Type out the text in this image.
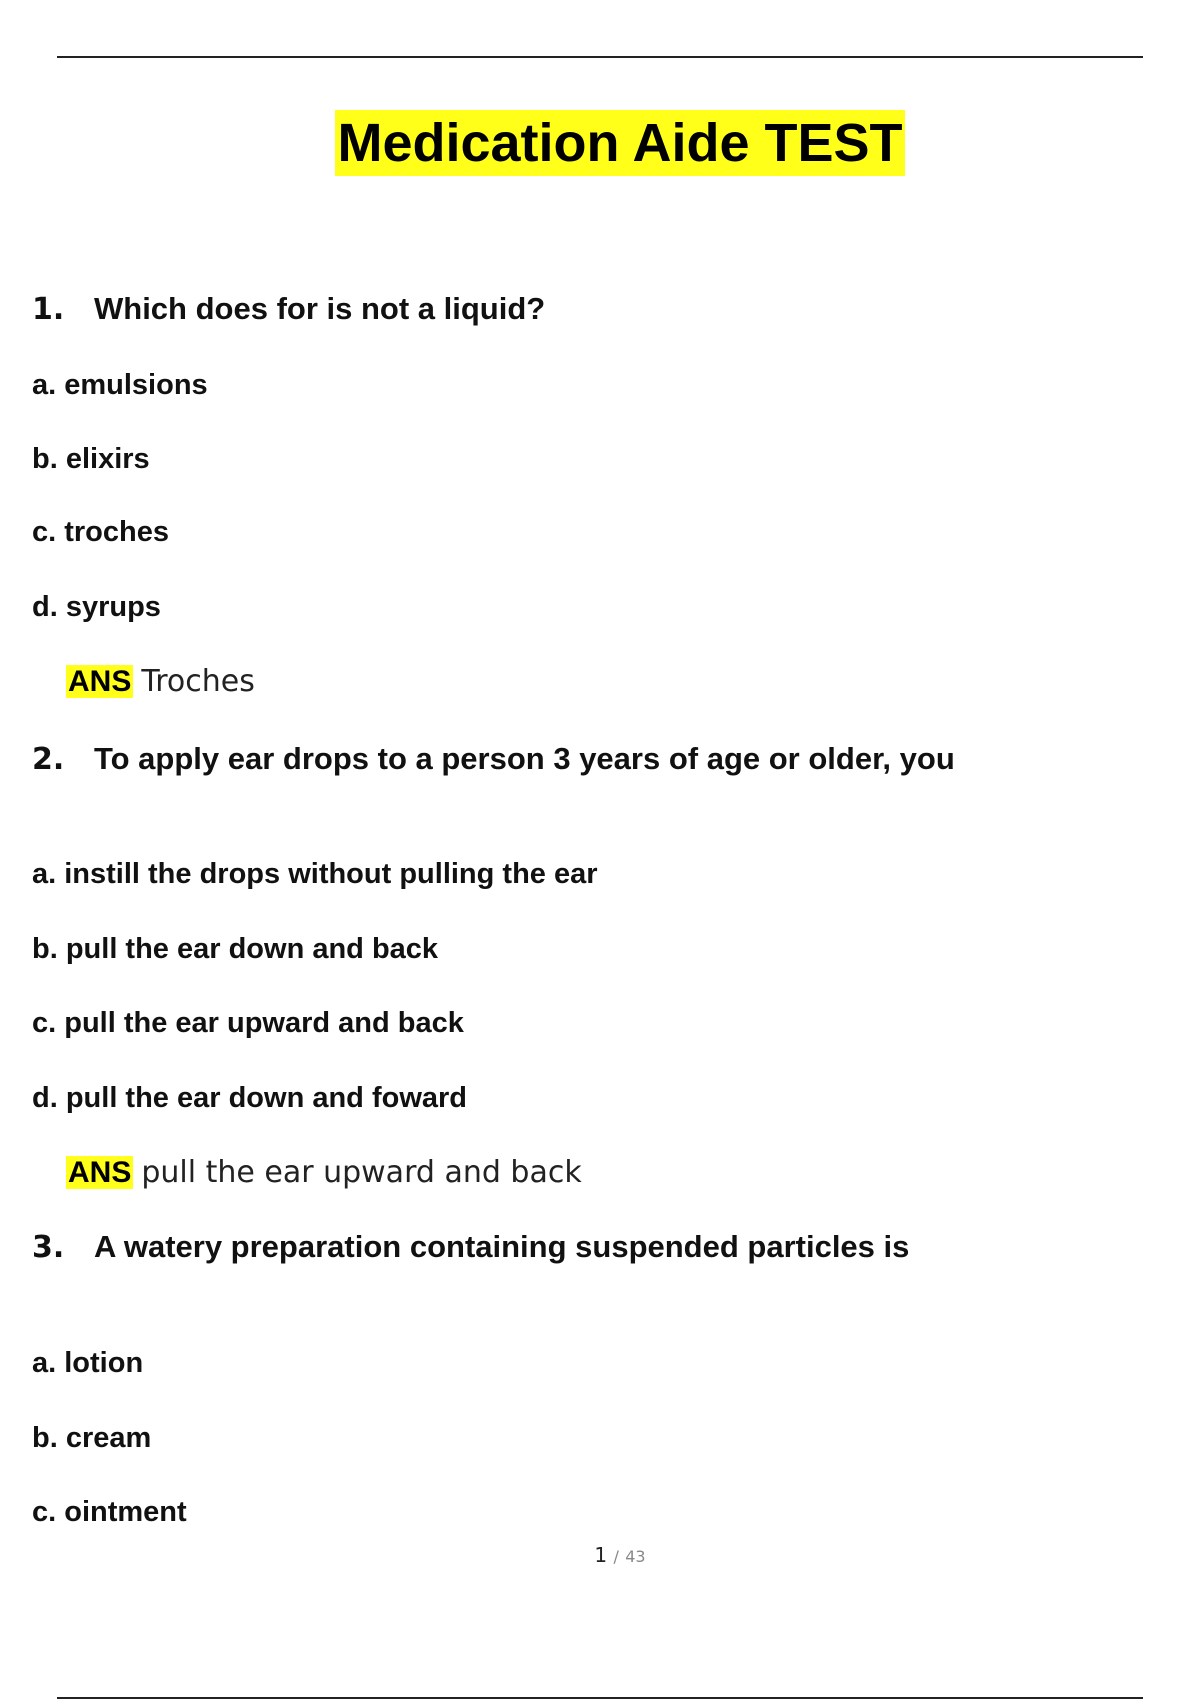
Medication Aide TEST
1. Which does for is not a liquid?
a. emulsions
b. elixirs
c. troches
d. syrups
ANS Troches
2. To apply ear drops to a person 3 years of age or older, you
a. instill the drops without pulling the ear
b. pull the ear down and back
c. pull the ear upward and back
d. pull the ear down and foward
ANS pull the ear upward and back
3. A watery preparation containing suspended particles is
a. lotion
b. cream
c. ointment
1 / 43
